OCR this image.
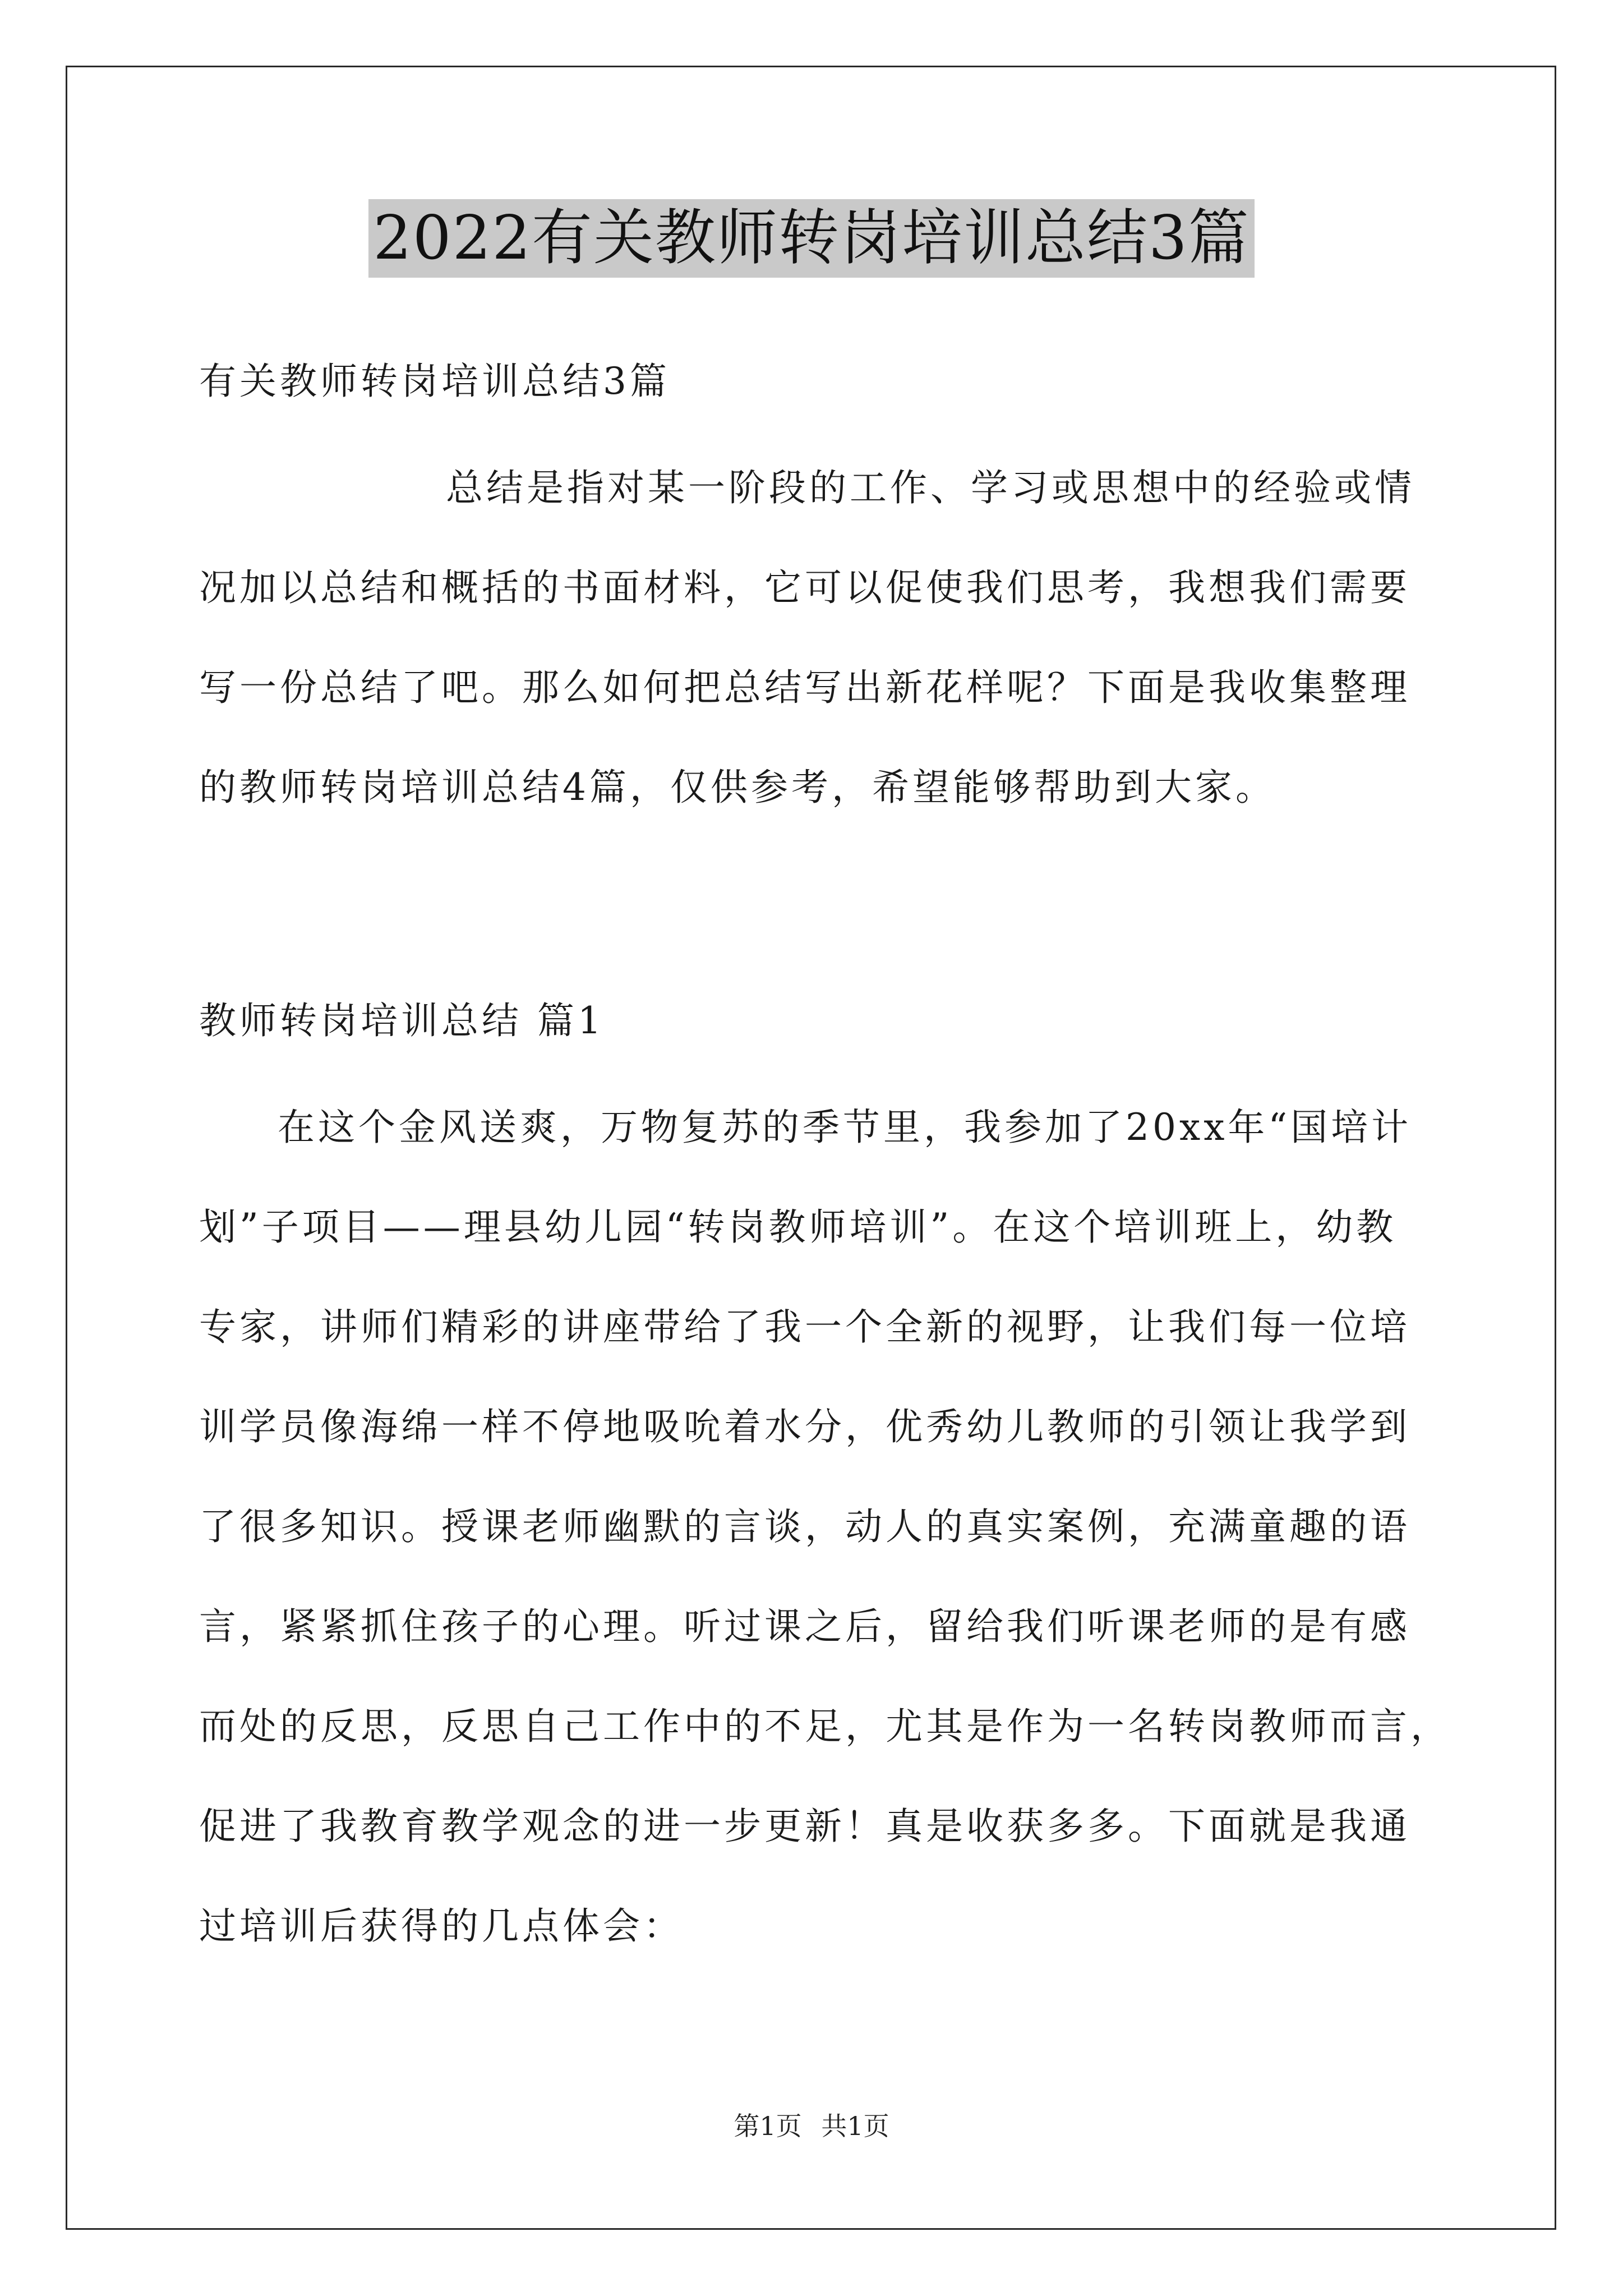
2022有关教师转岗培训总结3篇
有关教师转岗培训总结3篇
总结是指对某一阶段的工作、学习或思想中的经验或情
况加以总结和概括的书面材料，它可以促使我们思考，我想我们需要
写一份总结了吧。那么如何把总结写出新花样呢？下面是我收集整理
的教师转岗培训总结4篇，仅供参考，希望能够帮助到大家。
教师转岗培训总结 篇1
在这个金风送爽，万物复苏的季节里，我参加了20xx年“国培计
划”子项目——理县幼儿园“转岗教师培训”。在这个培训班上，幼教
专家，讲师们精彩的讲座带给了我一个全新的视野，让我们每一位培
训学员像海绵一样不停地吸吮着水分，优秀幼儿教师的引领让我学到
了很多知识。授课老师幽默的言谈，动人的真实案例，充满童趣的语
言，紧紧抓住孩子的心理。听过课之后，留给我们听课老师的是有感
而处的反思，反思自己工作中的不足，尤其是作为一名转岗教师而言，
促进了我教育教学观念的进一步更新！真是收获多多。下面就是我通
过培训后获得的几点体会：
第1页 共1页
